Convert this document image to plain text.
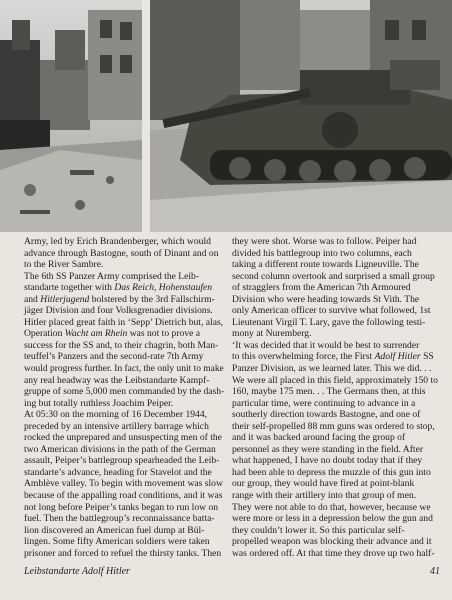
Army, led by Erich Brandenberger, which would
advance through Bastogne, south of Dinant and on
to the River Sambre.
The 6th SS Panzer Army comprised the Leib-
standarte together with Das Reich, Hohenstaufen
and Hitlerjugend bolstered by the 3rd Fallschirm-
jäger Division and four Volksgrenadier divisions.
Hitler placed great faith in ‘Sepp’ Dietrich but, alas,
Operation Wacht am Rhein was not to prove a
success for the SS and, to their chagrin, both Man-
teuffel’s Panzers and the second-rate 7th Army
would progress further. In fact, the only unit to make
any real headway was the Leibstandarte Kampf-
gruppe of some 5,000 men commanded by the dash-
ing but totally ruthless Joachim Peiper.
At 05:30 on the morning of 16 December 1944,
preceded by an intensive artillery barrage which
rocked the unprepared and unsuspecting men of the
two American divisions in the path of the German
assault, Peiper’s battlegroup spearheaded the Leib-
standarte’s advance, heading for Stavelot and the
Amblève valley. To begin with movement was slow
because of the appalling road conditions, and it was
not long before Peiper’s tanks began to run low on
fuel. Then the battlegroup’s reconnaissance batta-
lion discovered an American fuel dump at Bül-
lingen. Some fifty American soldiers were taken
prisoner and forced to refuel the thirsty tanks. Then
they were shot. Worse was to follow. Peiper had
divided his battlegroup into two columns, each
taking a different route towards Ligneuville. The
second column overtook and surprised a small group
of stragglers from the American 7th Armoured
Division who were heading towards St Vith. The
only American officer to survive what followed, 1st
Lieutenant Virgil T. Lary, gave the following testi-
mony at Nuremberg.
‘It was decided that it would be best to surrender
to this overwhelming force, the First Adolf Hitler SS
Panzer Division, as we learned later. This we did. . .
We were all placed in this field, approximately 150 to
160, maybe 175 men. . . The Germans then, at this
particular time, were continuing to advance in a
southerly direction towards Bastogne, and one of
their self-propelled 88 mm guns was ordered to stop,
and it was backed around facing the group of
personnel as they were standing in the field. After
what happened, I have no doubt today that if they
had been able to depress the muzzle of this gun into
our group, they would have fired at point-blank
range with their artillery into that group of men.
They were not able to do that, however, because we
were more or less in a depression below the gun and
they couldn’t lower it. So this particular self-
propelled weapon was blocking their advance and it
was ordered off. At that time they drove up two half-
Leibstandarte Adolf Hitler	41
